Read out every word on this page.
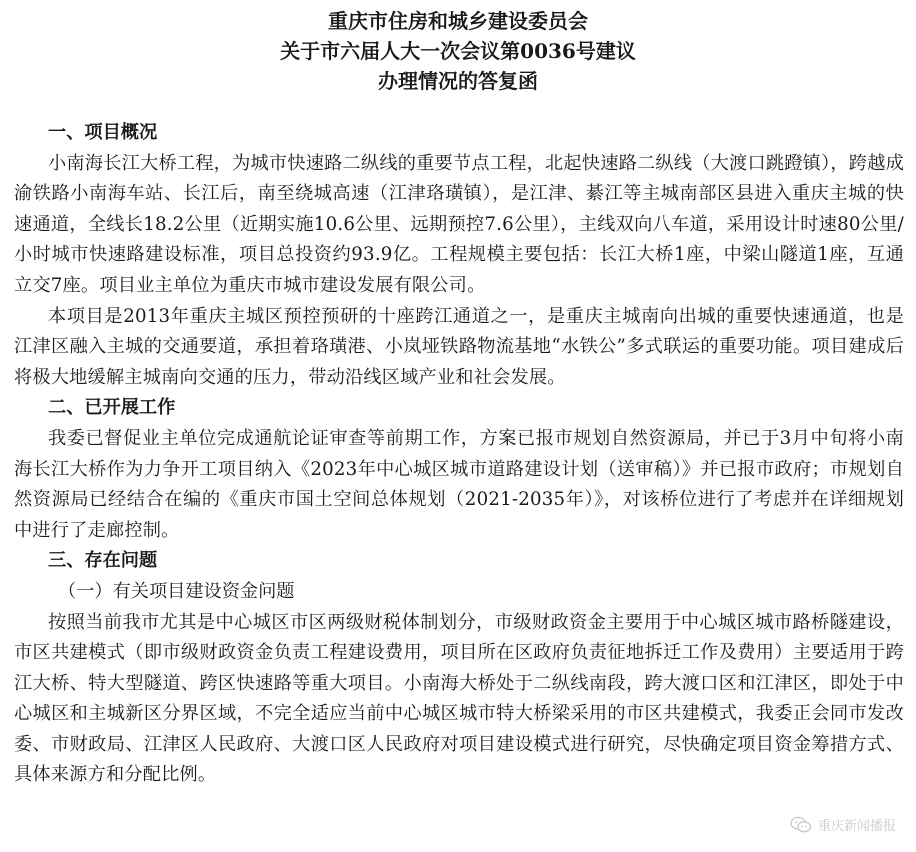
重庆市住房和城乡建设委员会

关于市六届人大一次会议第0036号建议

办理情况的答复函

一、项目概况

小南海长江大桥工程，为城市快速路二纵线的重要节点工程，北起快速路二纵线（大渡口跳蹬镇），跨越成渝铁路小南海车站、长江后，南至绕城高速（江津珞璜镇），是江津、綦江等主城南部区县进入重庆主城的快速通道，全线长18.2公里（近期实施10.6公里、远期预控7.6公里），主线双向八车道，采用设计时速80公里/小时城市快速路建设标准，项目总投资约93.9亿。工程规模主要包括：长江大桥1座，中梁山隧道1座，互通立交7座。项目业主单位为重庆市城市建设发展有限公司。

本项目是2013年重庆主城区预控预研的十座跨江通道之一，是重庆主城南向出城的重要快速通道，也是江津区融入主城的交通要道，承担着珞璜港、小岚垭铁路物流基地“水铁公”多式联运的重要功能。项目建成后将极大地缓解主城南向交通的压力，带动沿线区域产业和社会发展。

二、已开展工作

我委已督促业主单位完成通航论证审查等前期工作，方案已报市规划自然资源局，并已于3月中旬将小南海长江大桥作为力争开工项目纳入《2023年中心城区城市道路建设计划（送审稿）》并已报市政府；市规划自然资源局已经结合在编的《重庆市国土空间总体规划（2021-2035年）》，对该桥位进行了考虑并在详细规划中进行了走廊控制。

三、存在问题

（一）有关项目建设资金问题

按照当前我市尤其是中心城区市区两级财税体制划分，市级财政资金主要用于中心城区城市路桥隧建设，市区共建模式（即市级财政资金负责工程建设费用，项目所在区政府负责征地拆迁工作及费用）主要适用于跨江大桥、特大型隧道、跨区快速路等重大项目。小南海大桥处于二纵线南段，跨大渡口区和江津区，即处于中心城区和主城新区分界区域，不完全适应当前中心城区城市特大桥梁采用的市区共建模式，我委正会同市发改委、市财政局、江津区人民政府、大渡口区人民政府对项目建设模式进行研究，尽快确定项目资金筹措方式、具体来源方和分配比例。

重庆新闻播报
